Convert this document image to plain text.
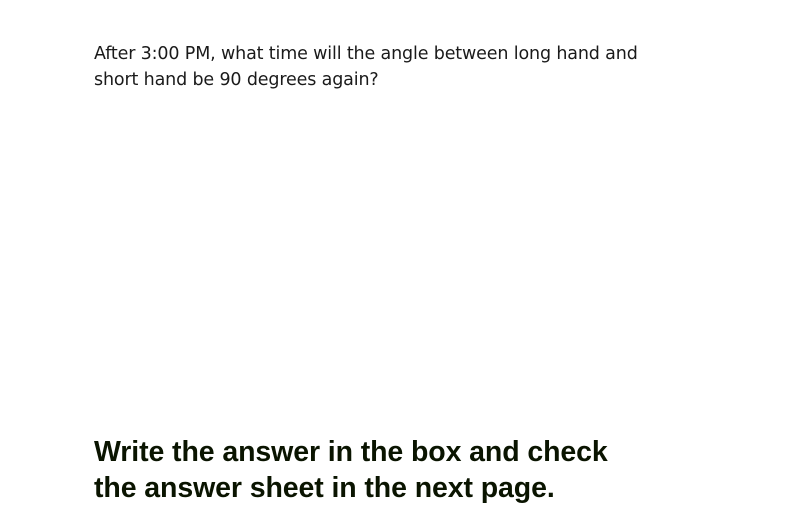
After 3:00 PM, what time will the angle between long hand and
short hand be 90 degrees again?
Write the answer in the box and check
the answer sheet in the next page.
